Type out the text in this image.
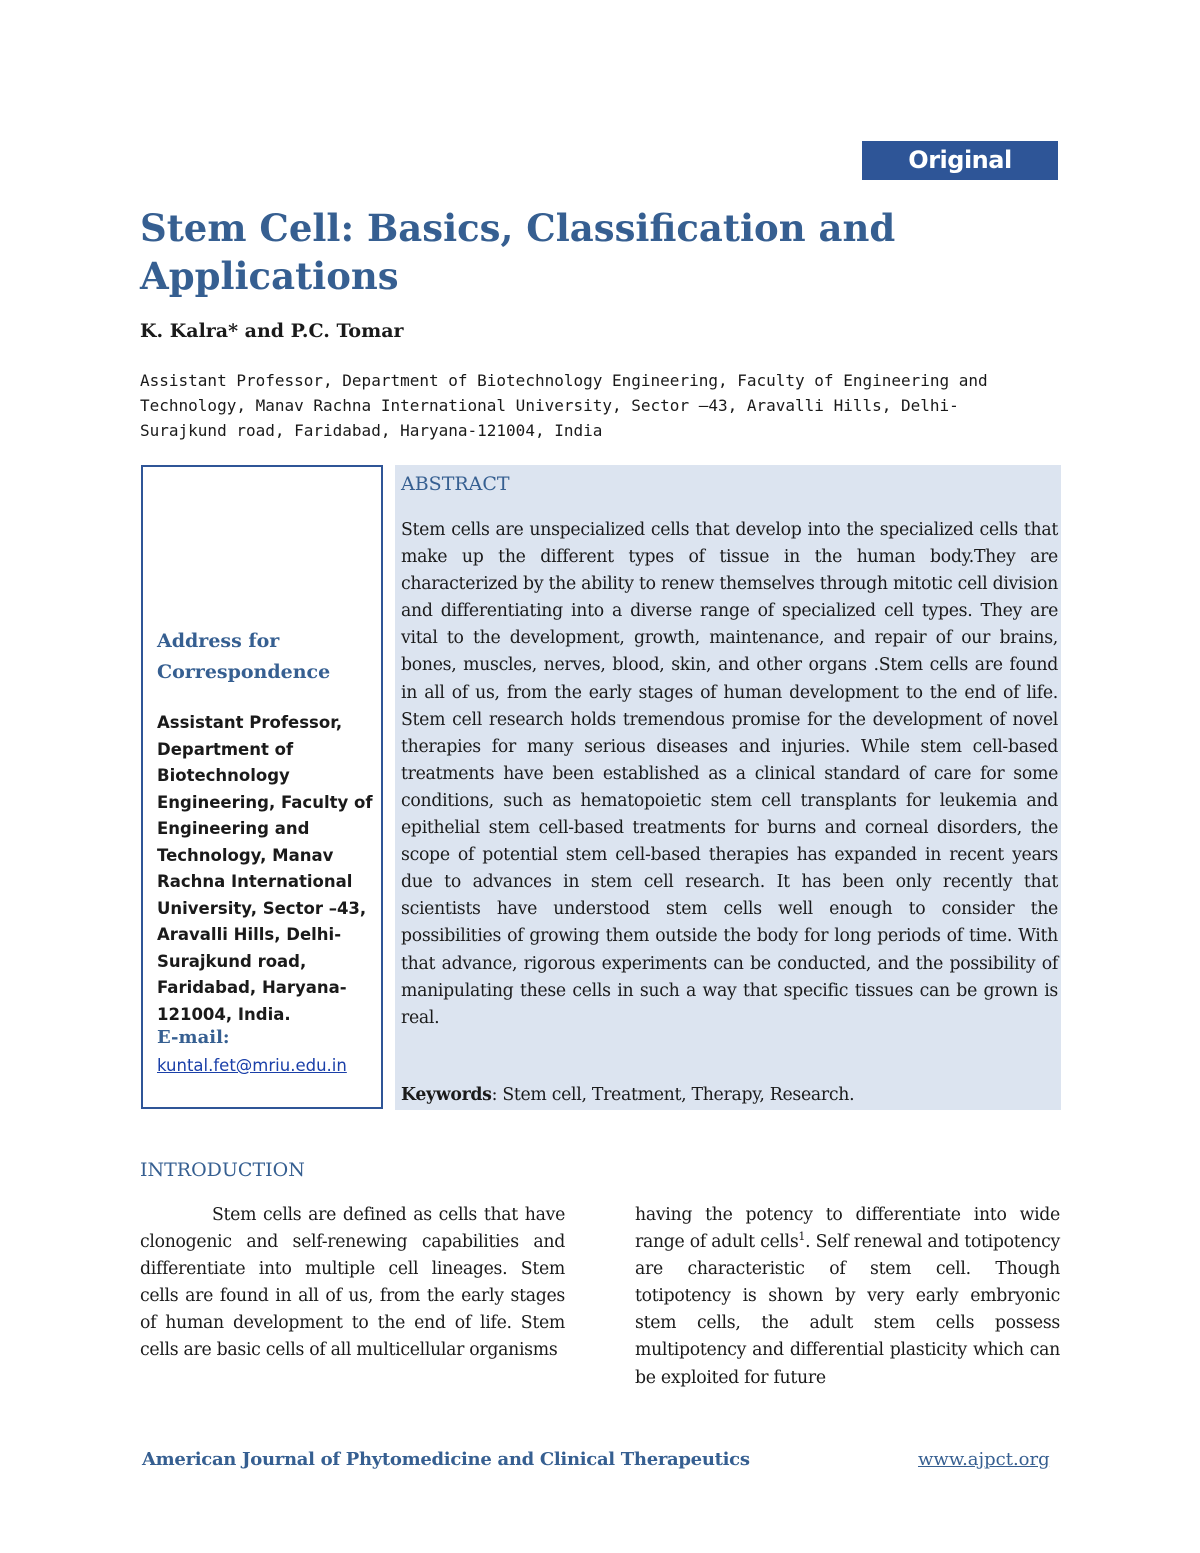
Original Article
Stem Cell: Basics, Classification and Applications

K. Kalra* and P.C. Tomar

Assistant Professor, Department of Biotechnology Engineering, Faculty of Engineering and Technology, Manav Rachna International University, Sector –43, Aravalli Hills, Delhi-Surajkund road, Faridabad, Haryana-121004, India

Address for Correspondence

Assistant Professor, Department of Biotechnology Engineering, Faculty of Engineering and Technology, Manav Rachna International University, Sector –43, Aravalli Hills, Delhi-Surajkund road, Faridabad, Haryana-121004, India.

E-mail:

kuntal.fet@mriu.edu.in
ABSTRACT

Stem cells are unspecialized cells that develop into the specialized cells that make up the different types of tissue in the human body.They are characterized by the ability to renew themselves through mitotic cell division and differentiating into a diverse range of specialized cell types. They are vital to the development, growth, maintenance, and repair of our brains, bones, muscles, nerves, blood, skin, and other organs .Stem cells are found in all of us, from the early stages of human development to the end of life. Stem cell research holds tremendous promise for the development of novel therapies for many serious diseases and injuries. While stem cell-based treatments have been established as a clinical standard of care for some conditions, such as hematopoietic stem cell transplants for leukemia and epithelial stem cell-based treatments for burns and corneal disorders, the scope of potential stem cell-based therapies has expanded in recent years due to advances in stem cell research. It has been only recently that scientists have understood stem cells well enough to consider the possibilities of growing them outside the body for long periods of time. With that advance, rigorous experiments can be conducted, and the possibility of manipulating these cells in such a way that specific tissues can be grown is real.

Keywords: Stem cell, Treatment, Therapy, Research.

INTRODUCTION

Stem cells are defined as cells that have clonogenic and self-renewing capabilities and differentiate into multiple cell lineages. Stem cells are found in all of us, from the early stages of human development to the end of life. Stem cells are basic cells of all multicellular organisms

having the potency to differentiate into wide range of adult cells$^1$. Self renewal and totipotency are characteristic of stem cell. Though totipotency is shown by very early embryonic stem cells, the adult stem cells possess multipotency and differential plasticity which can be exploited for future

American Journal of Phytomedicine and Clinical Therapeutics	www.ajpct.org
